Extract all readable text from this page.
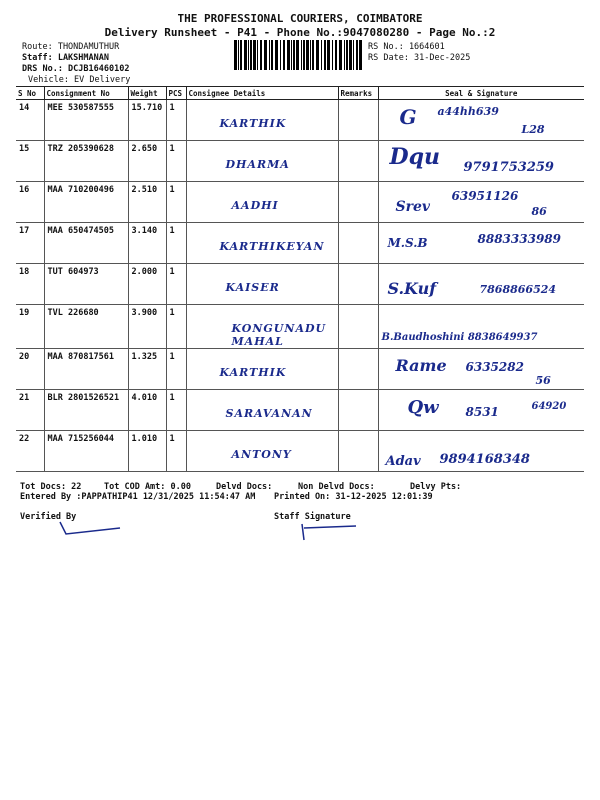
THE PROFESSIONAL COURIERS, COIMBATORE
Delivery Runsheet - P41 - Phone No.:9047080280 - Page No.:2
Route: THONDAMUTHUR
Staff: LAKSHMANAN
DRS No.: DCJB16460102
Vehicle: EV Delivery
RS No.: 1664601
RS Date: 31-Dec-2025
S No	Consignment No	Weight	PCS	Consignee Details	Remarks	Seal & Signature
14	MEE 530587555	15.710	1	KARTHIK		G a44hh639
L28

15	TRZ 205390628	2.650	1	DHARMA		Dqu 9791753259

16	MAA 710200496	2.510	1	AADHI		Srev
63951126
86

17	MAA 650474505	3.140	1	KARTHIKEYAN		M.S.B 8883333989

18	TUT 604973	2.000	1	KAISER		S.Kuf 7868866524

19	TVL 226680	3.900	1	KONGUNADU MAHAL		B.Baudhoshini 8838649937

20	MAA 870817561	1.325	1	KARTHIK		Rame 6335282
56

21	BLR 2801526521	4.010	1	SARAVANAN		Qw 8531 64920

22	MAA 715256044	1.010	1	ANTONY		Adav 9894168348
Tot Docs: 22	Tot COD Amt: 0.00	Delvd Docs:	Non Delvd Docs:	Delvy Pts:
Entered By :PAPPATHIP41 12/31/2025 11:54:47 AM Printed On: 31-12-2025 12:01:39
Verified By	Staff Signature
